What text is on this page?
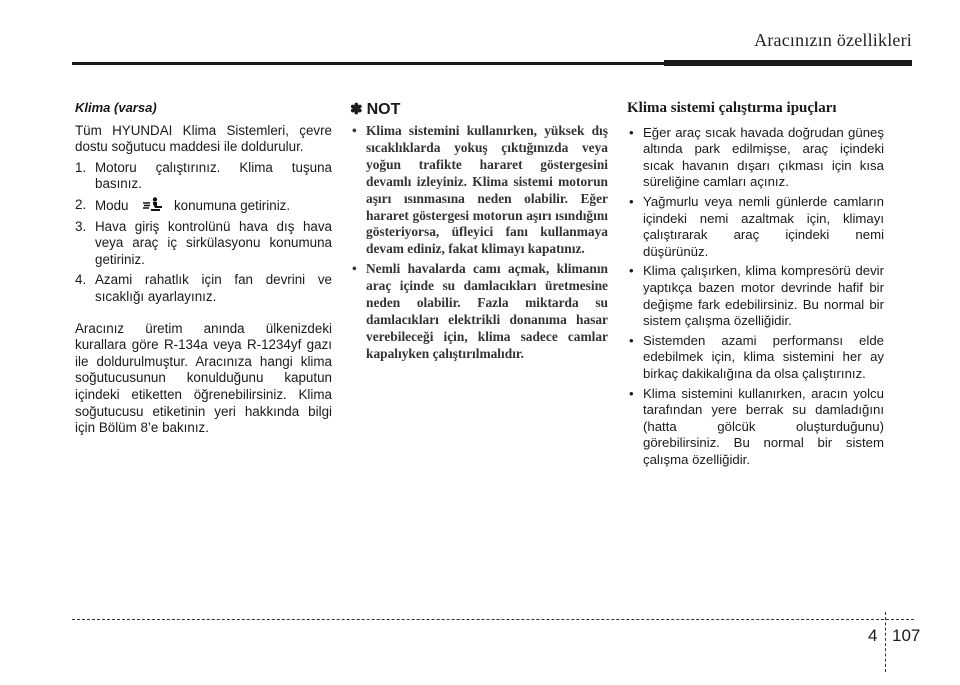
Aracınızın özellikleri
Klima (varsa)

Tüm HYUNDAI Klima Sistemleri, çevre dostu soğutucu maddesi ile doldurulur.

1. Motoru çalıştırınız. Klima tuşuna basınız.
2. Modu	konumuna getiriniz.
3. Hava giriş kontrolünü hava dış hava veya araç iç sirkülasyonu konumuna getiriniz.
4. Azami rahatlık için fan devrini ve sıcaklığı ayarlayınız.

Aracınız üretim anında ülkenizdeki kurallara göre R-134a veya R-1234yf gazı ile doldurulmuştur. Aracınıza hangi klima soğutucusunun konulduğunu kaputun içindeki etiketten öğrenebilirsiniz. Klima soğutucusu etiketinin yeri hakkında bilgi için Bölüm 8’e bakınız.

✽ NOT
• Klima sistemini kullanırken, yüksek dış sıcaklıklarda yokuş çıktığınızda veya yoğun trafikte hararet göstergesini devamlı izleyiniz. Klima sistemi motorun aşırı ısınmasına neden olabilir. Eğer hararet göstergesi motorun aşırı ısındığını gösteriyorsa, üfleyici fanı kullanmaya devam ediniz, fakat klimayı kapatınız.
• Nemli havalarda camı açmak, klimanın araç içinde su damlacıkları üretmesine neden olabilir. Fazla miktarda su damlacıkları elektrikli donanıma hasar verebileceği için, klima sadece camlar kapalıyken çalıştırılmalıdır.
Klima sistemi çalıştırma ipuçları
• Eğer araç sıcak havada doğrudan güneş altında park edilmişse, araç içindeki sıcak havanın dışarı çıkması için kısa süreliğine camları açınız.
• Yağmurlu veya nemli günlerde camların içindeki nemi azaltmak için, klimayı çalıştırarak araç içindeki nemi düşürünüz.
• Klima çalışırken, klima kompresörü devir yaptıkça bazen motor devrinde hafif bir değişme fark edebilirsiniz. Bu normal bir sistem çalışma özelliğidir.
• Sistemden azami performansı elde edebilmek için, klima sistemini her ay birkaç dakikalığına da olsa çalıştırınız.
• Klima sistemini kullanırken, aracın yolcu tarafından yere berrak su damladığını (hatta gölcük oluşturduğunu) görebilirsiniz. Bu normal bir sistem çalışma özelliğidir.
4 107
